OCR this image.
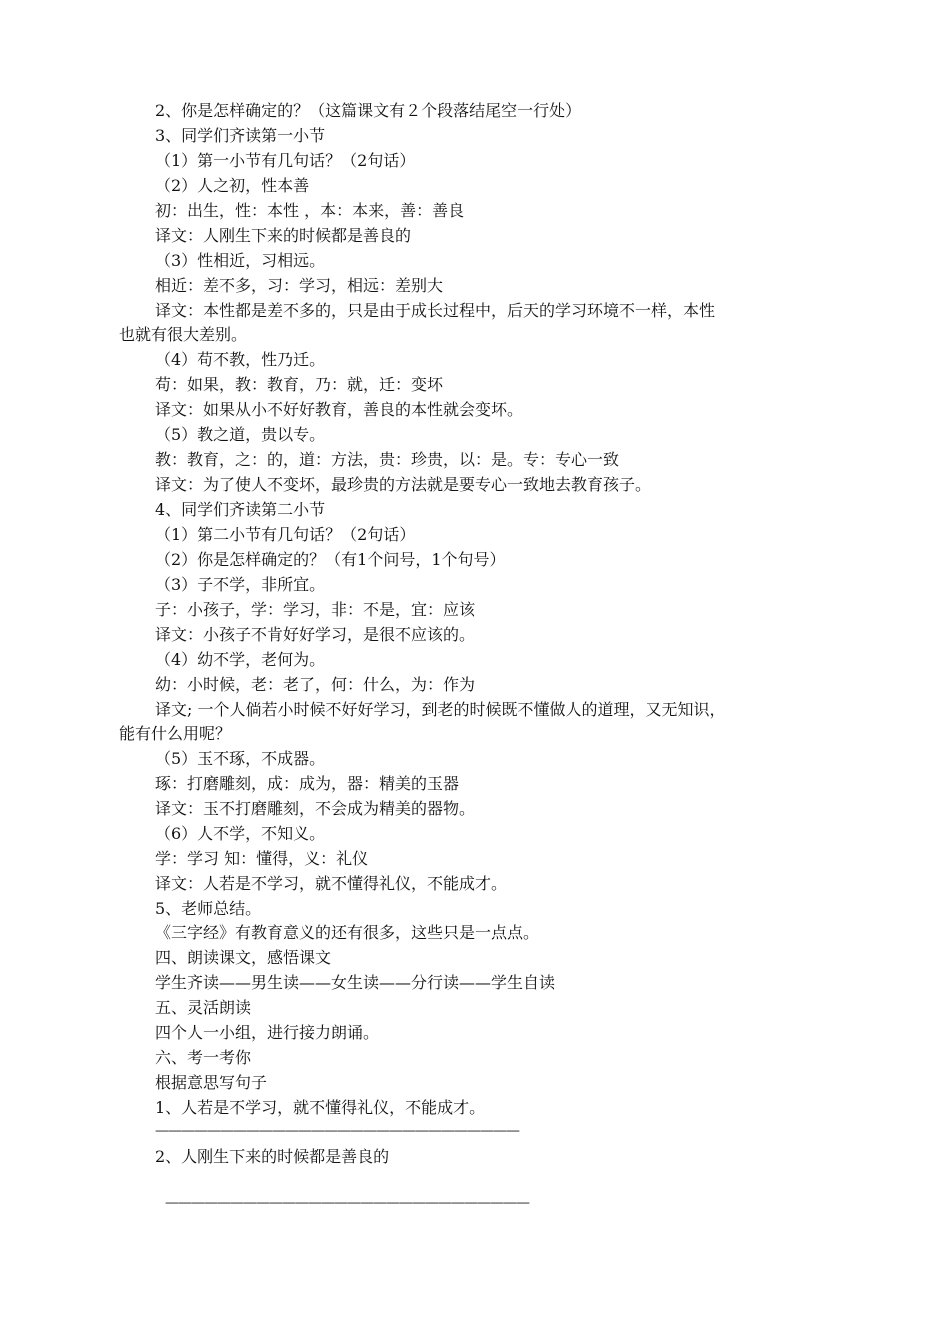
2、你是怎样确定的？（这篇课文有２个段落结尾空一行处）
3、同学们齐读第一小节
（1）第一小节有几句话？（2句话）
（2）人之初，性本善
初：出生，性：本性 ，本：本来，善：善良
译文：人刚生下来的时候都是善良的
（3）性相近，习相远。
相近：差不多，习：学习，相远：差别大
译文：本性都是差不多的，只是由于成长过程中，后天的学习环境不一样，本性
也就有很大差别。
（4）苟不教，性乃迁。
苟：如果，教：教育，乃：就，迁：变坏
译文：如果从小不好好教育，善良的本性就会变坏。
（5）教之道，贵以专。
教：教育，之：的，道：方法，贵：珍贵，以：是。专：专心一致
译文：为了使人不变坏，最珍贵的方法就是要专心一致地去教育孩子。
4、同学们齐读第二小节
（1）第二小节有几句话？（2句话）
（2）你是怎样确定的？（有1个问号，1个句号）
（3）子不学，非所宜。
子：小孩子，学：学习，非：不是，宜：应该
译文：小孩子不肯好好学习，是很不应该的。
（4）幼不学，老何为。
幼：小时候，老：老了，何：什么，为：作为
译文; 一个人倘若小时候不好好学习，到老的时候既不懂做人的道理，又无知识，
能有什么用呢？
（5）玉不琢，不成器。
琢：打磨雕刻，成：成为，器：精美的玉器
译文：玉不打磨雕刻，不会成为精美的器物。
（6）人不学，不知义。
学：学习 知：懂得，义：礼仪
译文：人若是不学习，就不懂得礼仪，不能成才。
5、老师总结。
《三字经》有教育意义的还有很多，这些只是一点点。
四、朗读课文，感悟课文
学生齐读——男生读——女生读——分行读——学生自读
五、灵活朗读
四个人一小组，进行接力朗诵。
六、考一考你
根据意思写句子
1、人若是不学习，就不懂得礼仪，不能成才。
————————————————————————————
2、人刚生下来的时候都是善良的
————————————————————————————
